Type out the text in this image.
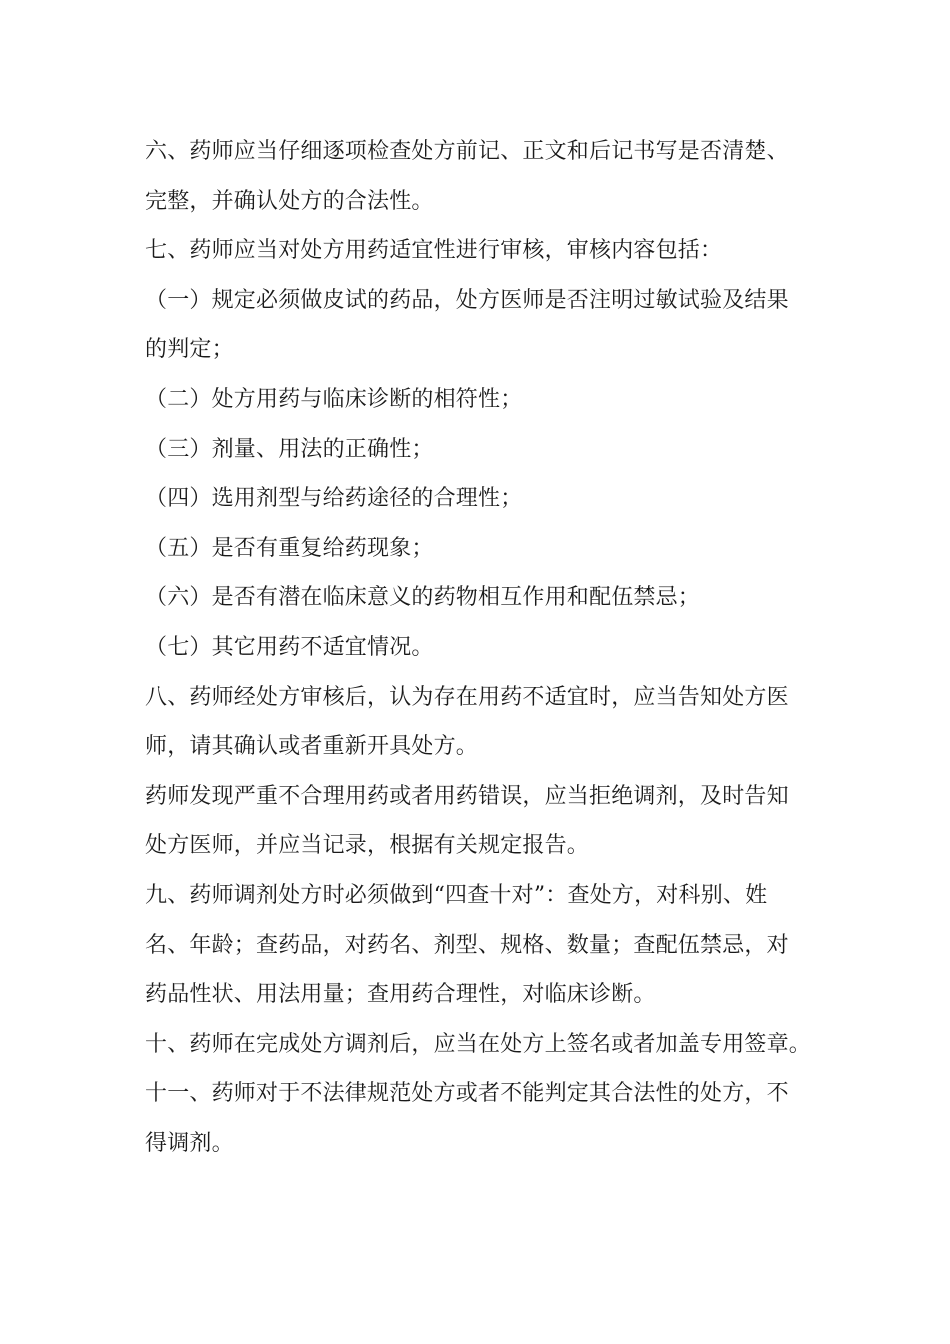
六、药师应当仔细逐项检查处方前记、正文和后记书写是否清楚、
完整，并确认处方的合法性。
七、药师应当对处方用药适宜性进行审核，审核内容包括：
（一）规定必须做皮试的药品，处方医师是否注明过敏试验及结果
的判定；
（二）处方用药与临床诊断的相符性；
（三）剂量、用法的正确性；
（四）选用剂型与给药途径的合理性；
（五）是否有重复给药现象；
（六）是否有潜在临床意义的药物相互作用和配伍禁忌；
（七）其它用药不适宜情况。
八、药师经处方审核后，认为存在用药不适宜时，应当告知处方医
师，请其确认或者重新开具处方。
药师发现严重不合理用药或者用药错误，应当拒绝调剂，及时告知
处方医师，并应当记录，根据有关规定报告。
九、药师调剂处方时必须做到“四查十对”：查处方，对科别、姓
名、年龄；查药品，对药名、剂型、规格、数量；查配伍禁忌，对
药品性状、用法用量；查用药合理性，对临床诊断。
十、药师在完成处方调剂后，应当在处方上签名或者加盖专用签章。
十一、药师对于不法律规范处方或者不能判定其合法性的处方，不
得调剂。
